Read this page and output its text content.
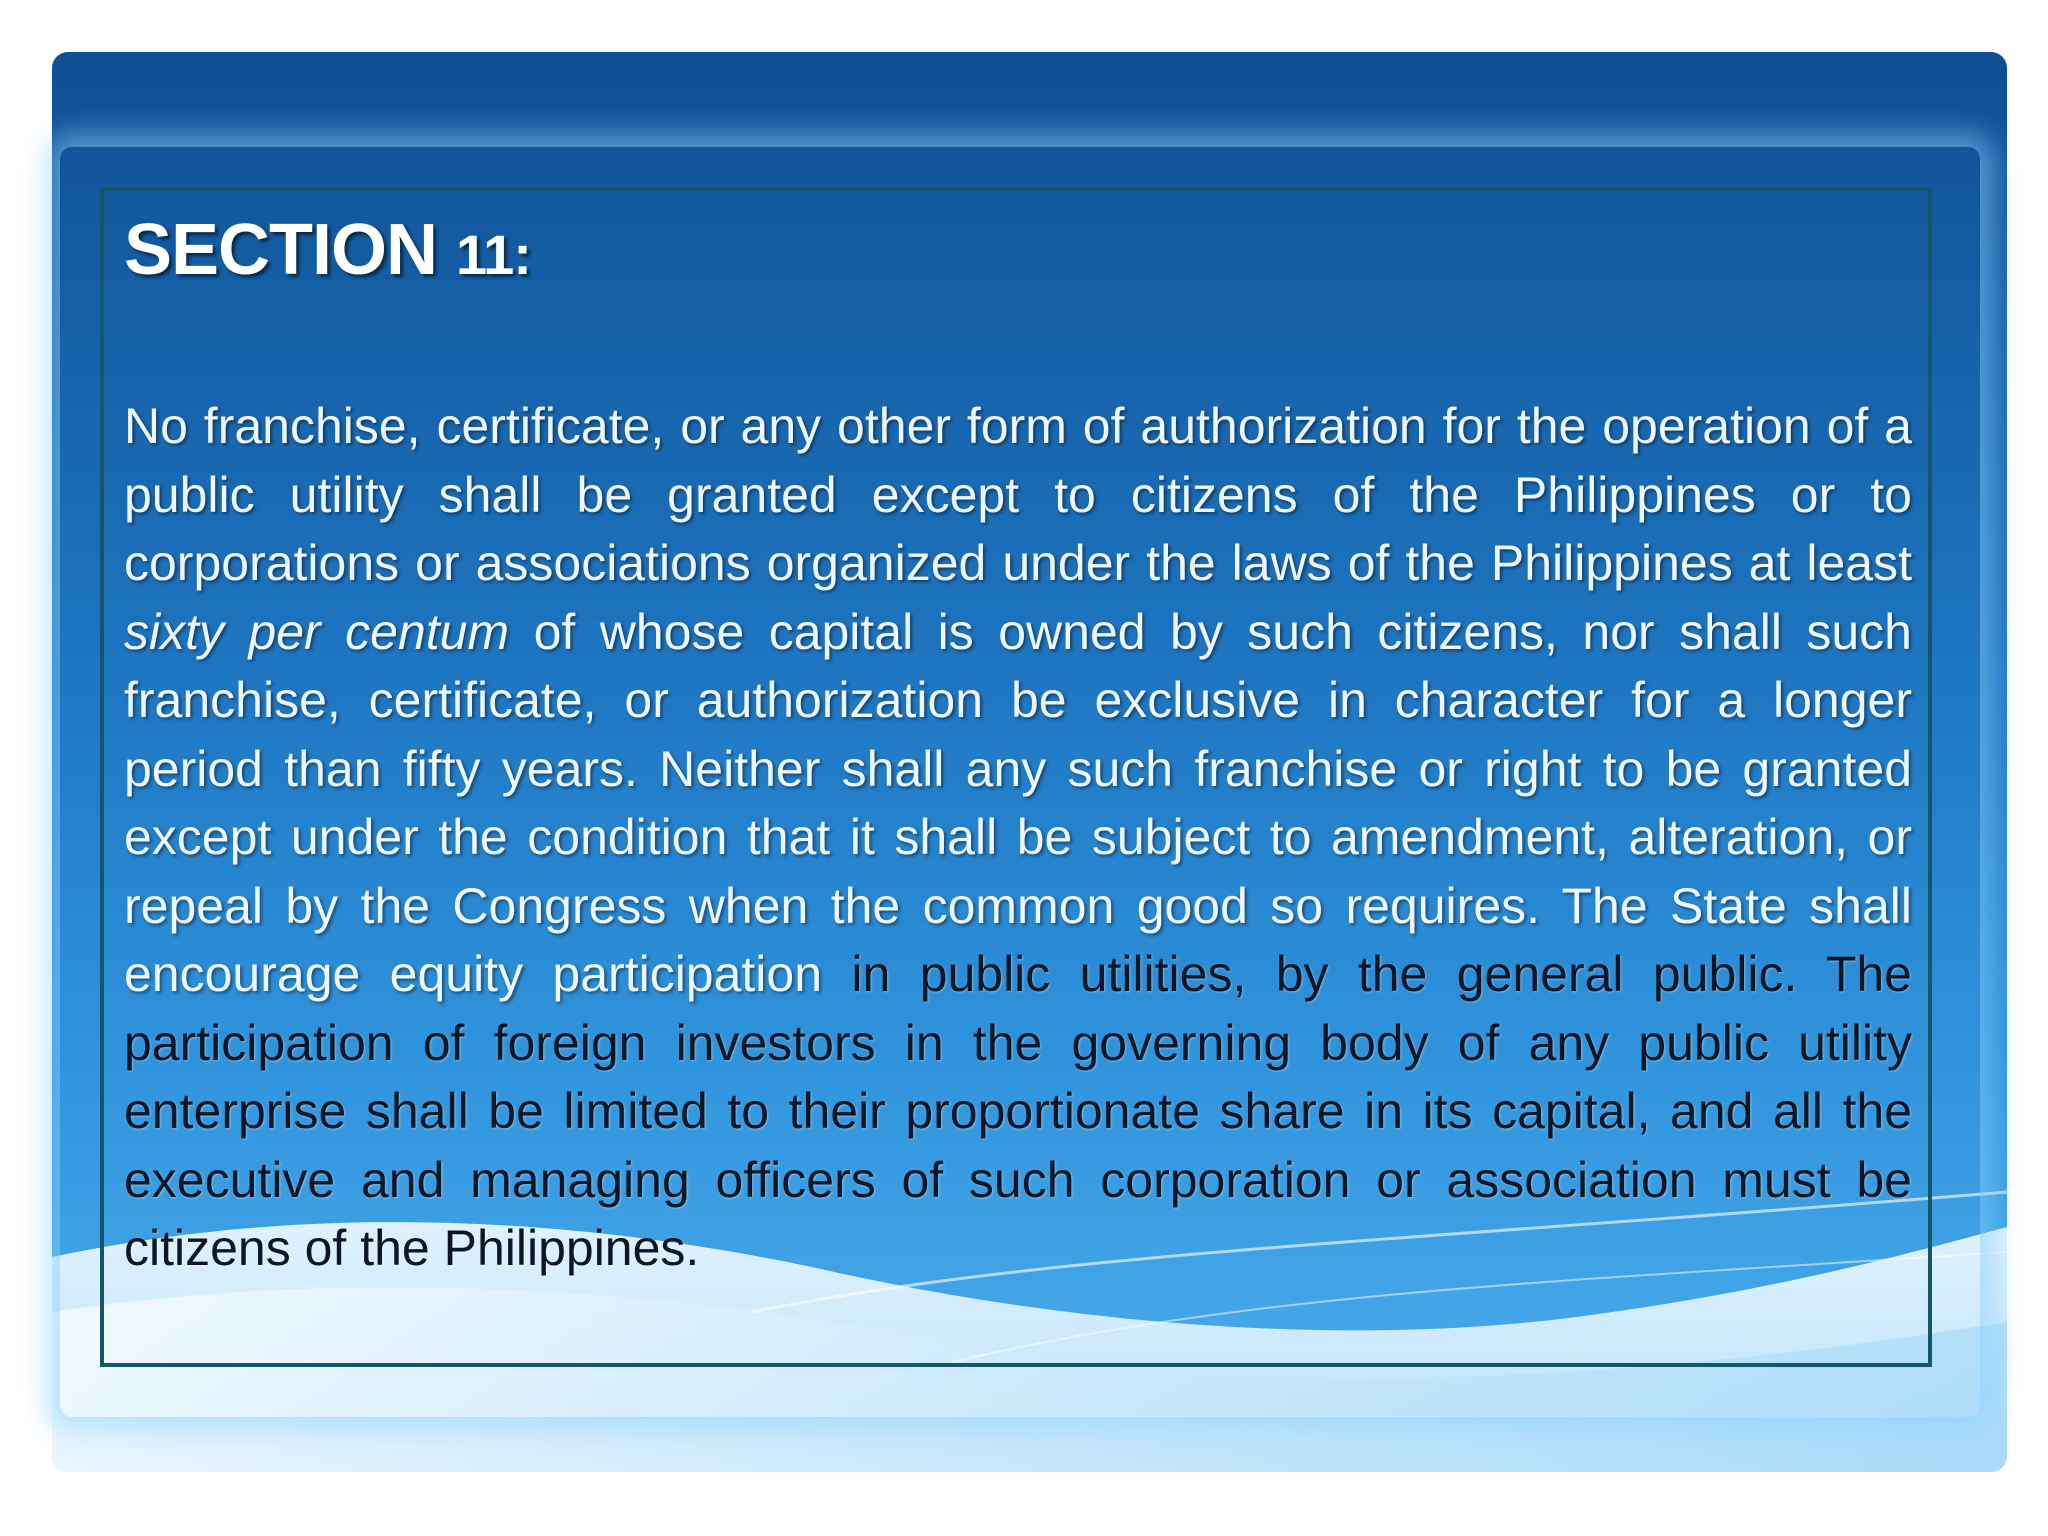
SECTION 11:

No franchise, certificate, or any other form of authorization for the operation of a public utility shall be granted except to citizens of the Philippines or to corporations or associations organized under the laws of the Philippines at least sixty per centum of whose capital is owned by such citizens, nor shall such franchise, certificate, or authorization be exclusive in character for a longer period than fifty years. Neither shall any such franchise or right to be granted except under the condition that it shall be subject to amendment, alteration, or repeal by the Congress when the common good so requires. The State shall encourage equity participation in public utilities, by the general public. The participation of foreign investors in the governing body of any public utility enterprise shall be limited to their proportionate share in its capital, and all the executive and managing officers of such corporation or association must be citizens of the Philippines.
